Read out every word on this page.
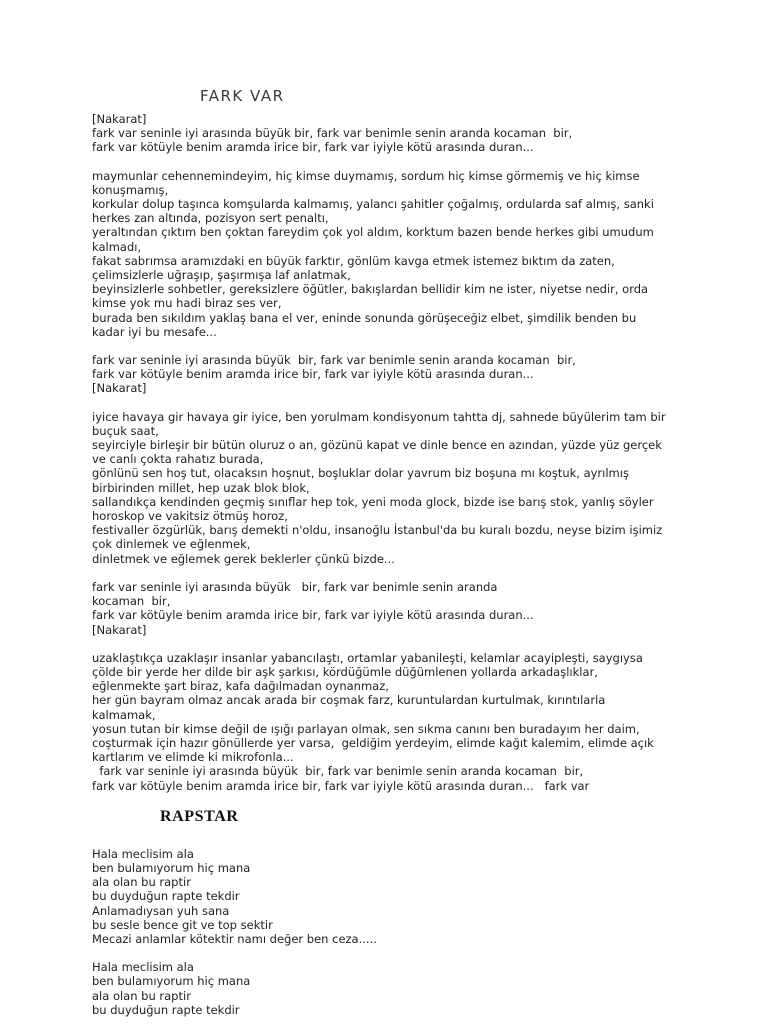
FARK VAR
[Nakarat]
fark var seninle iyi arasında büyük bir, fark var benimle senin aranda kocaman  bir,
fark var kötüyle benim aramda irice bir, fark var iyiyle kötü arasında duran...
maymunlar cehennemindeyim, hiç kimse duymamış, sordum hiç kimse görmemiş ve hiç kimse
konuşmamış,
korkular dolup taşınca komşularda kalmamış, yalancı şahitler çoğalmış, ordularda saf almış, sanki
herkes zan altında, pozisyon sert penaltı,
yeraltından çıktım ben çoktan fareydim çok yol aldım, korktum bazen bende herkes gibi umudum
kalmadı,
fakat sabrımsa aramızdaki en büyük farktır, gönlüm kavga etmek istemez bıktım da zaten,
çelimsizlerle uğraşıp, şaşırmışa laf anlatmak,
beyinsizlerle sohbetler, gereksizlere öğütler, bakışlardan bellidir kim ne ister, niyetse nedir, orda
kimse yok mu hadi biraz ses ver,
burada ben sıkıldım yaklaş bana el ver, eninde sonunda görüşeceğiz elbet, şimdilik benden bu
kadar iyi bu mesafe...
fark var seninle iyi arasında büyük  bir, fark var benimle senin aranda kocaman  bir,
fark var kötüyle benim aramda irice bir, fark var iyiyle kötü arasında duran...
[Nakarat]
iyice havaya gir havaya gir iyice, ben yorulmam kondisyonum tahtta dj, sahnede büyülerim tam bir
buçuk saat,
seyirciyle birleşir bir bütün oluruz o an, gözünü kapat ve dinle bence en azından, yüzde yüz gerçek
ve canlı çokta rahatız burada,
gönlünü sen hoş tut, olacaksın hoşnut, boşluklar dolar yavrum biz boşuna mı koştuk, ayrılmış
birbirinden millet, hep uzak blok blok,
sallandıkça kendinden geçmiş sınıflar hep tok, yeni moda glock, bizde ise barış stok, yanlış söyler
horoskop ve vakitsiz ötmüş horoz,
festivaller özgürlük, barış demekti n'oldu, insanoğlu İstanbul'da bu kuralı bozdu, neyse bizim işimiz
çok dinlemek ve eğlenmek,
dinletmek ve eğlemek gerek beklerler çünkü bizde...
fark var seninle iyi arasında büyük   bir, fark var benimle senin aranda
kocaman  bir,
fark var kötüyle benim aramda irice bir, fark var iyiyle kötü arasında duran...
[Nakarat]
uzaklaştıkça uzaklaşır insanlar yabancılaştı, ortamlar yabanileşti, kelamlar acayipleşti, saygıysa
çölde bir yerde her dilde bir aşk şarkısı, kördüğümle düğümlenen yollarda arkadaşlıklar,
eğlenmekte şart biraz, kafa dağılmadan oynanmaz,
her gün bayram olmaz ancak arada bir coşmak farz, kuruntulardan kurtulmak, kırıntılarla
kalmamak,
yosun tutan bir kimse değil de ışığı parlayan olmak, sen sıkma canını ben buradayım her daim,
coşturmak için hazır gönüllerde yer varsa,  geldiğim yerdeyim, elimde kağıt kalemim, elimde açık
kartlarım ve elimde ki mikrofonla...
fark var seninle iyi arasında büyük  bir, fark var benimle senin aranda kocaman  bir,
fark var kötüyle benim aramda irice bir, fark var iyiyle kötü arasında duran...   fark var
RAPSTAR
Hala meclisim ala
ben bulamıyorum hiç mana
ala olan bu raptir
bu duyduğun rapte tekdir
Anlamadıysan yuh sana
bu sesle bence git ve top sektir
Mecazi anlamlar kötektir namı değer ben ceza.....
Hala meclisim ala
ben bulamıyorum hiç mana
ala olan bu raptir
bu duyduğun rapte tekdir
